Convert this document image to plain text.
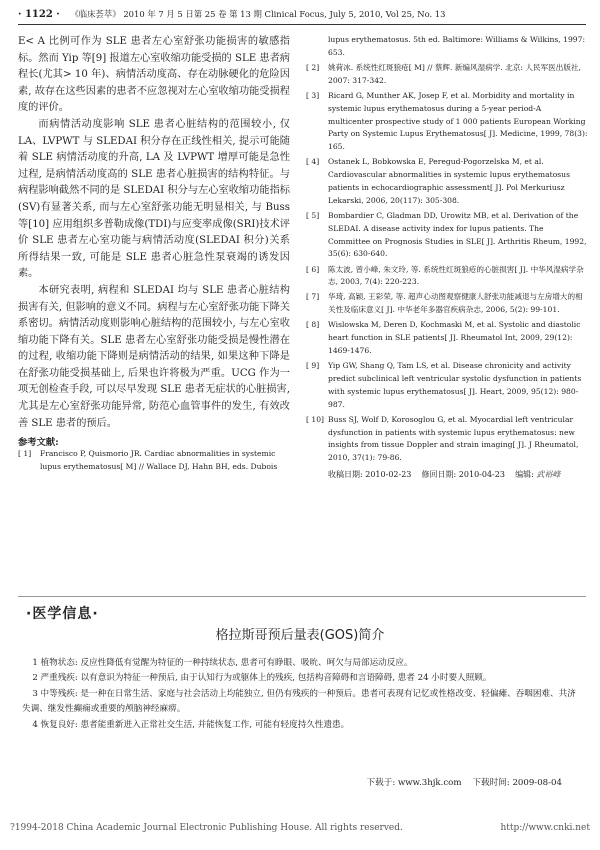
· 1122 · 《临床荟萃》 2010 年 7 月 5 日第 25 卷 第 13 期 Clinical Focus, July 5, 2010, Vol 25, No. 13

E< A 比例可作为 SLE 患者左心室舒张功能损害的敏感指标。然而 Yip 等[9] 报道左心室收缩功能受损的 SLE 患者病程长(尤其> 10 年)、病情活动度高、存在动脉硬化的危险因素, 故存在这些因素的患者不应忽视对左心室收缩功能受损程度的评价。

而病情活动度影响 SLE 患者心脏结构的范围较小, 仅 LA、LVPWT 与 SLEDAI 积分存在正线性相关, 提示可能随着 SLE 病情活动度的升高, LA 及 LVPWT 增厚可能是急性过程, 是病情活动度高的 SLE 患者心脏损害的结构特征。与病程影响截然不同的是 SLEDAI 积分与左心室收缩功能指标(SV)有显著关系, 而与左心室舒张功能无明显相关, 与 Buss 等[10] 应用组织多普勒成像(TDI)与应变率成像(SRI)技术评价 SLE 患者左心室功能与病情活动度(SLEDAI 积分)关系所得结果一致, 可能是 SLE 患者心脏急性泵衰竭的诱发因素。

本研究表明, 病程和 SLEDAI 均与 SLE 患者心脏结构损害有关, 但影响的意义不同。病程与左心室舒张功能下降关系密切。病情活动度则影响心脏结构的范围较小, 与左心室收缩功能下降有关。SLE 患者左心室舒张功能受损是慢性潜在的过程, 收缩功能下降则是病情活动的结果, 如果这种下降是在舒张功能受损基础上, 后果也许将极为严重。UCG 作为一项无创检查手段, 可以尽早发现 SLE 患者无症状的心脏损害, 尤其是左心室舒张功能异常, 防范心血管事件的发生, 有效改善 SLE 患者的预后。

参考文献:
[ 1]	Francisco P, Quismorio JR. Cardiac abnormalities in systemic lupus erythematosus[ M] // Wallace DJ, Hahn BH, eds. Dubois
lupus erythematosus. 5th ed. Baltimore: Williams & Wilkins, 1997: 653.
[ 2]	姚荷冰. 系统性红斑狼疮[ M] // 蔡辉. 新编风湿病学. 北京: 人民军医出版社, 2007: 317-342.
[ 3]	Ricard G, Munther AK, Josep F, et al. Morbidity and mortality in systemic lupus erythematosus during a 5-year period-A multicenter prospective study of 1 000 patients European Working Party on Systemic Lupus Erythematosus[ J]. Medicine, 1999, 78(3): 165.
[ 4]	Ostanek L, Bobkowska E, Peregud-Pogorzelska M, et al. Cardiovascular abnormalities in systemic lupus erythematosus patients in echocardiographic assessment[ J]. Pol Merkuriusz Lekarski, 2006, 20(117): 305-308.
[ 5]	Bombardier C, Gladman DD, Urowitz MB, et al. Derivation of the SLEDAI. A disease activity index for lupus patients. The Committee on Prognosis Studies in SLE[ J]. Arthritis Rheum, 1992, 35(6): 630-640.
[ 6]	陈太波, 曾小峰, 朱文玲, 等. 系统性红斑狼疮的心脏损害[ J]. 中华风湿病学杂志, 2003, 7(4): 220-223.
[ 7]	华琦, 高颖, 王彩荣, 等. 超声心动图观察健康人舒张功能减退与左房增大的相关性及临床意义[ J]. 中华老年多器官疾病杂志, 2006, 5(2): 99-101.
[ 8]	Wislowska M, Deren D, Kochmaski M, et al. Systolic and diastolic heart function in SLE patients[ J]. Rheumatol Int, 2009, 29(12): 1469-1476.
[ 9]	Yip GW, Shang Q, Tam LS, et al. Disease chronicity and activity predict subclinical left ventricular systolic dysfunction in patients with systemic lupus erythematosus[ J]. Heart, 2009, 95(12): 980-987.
[ 10] Buss SJ, Wolf D, Korosoglou G, et al. Myocardial left ventricular dysfunction in patients with systemic lupus erythematosus: new insights from tissue Doppler and strain imaging[ J]. J Rheumatol, 2010, 37(1): 79-86.
收稿日期: 2010-02-23 修回日期: 2010-04-23 编辑: 武裕峰
·医学信息·
格拉斯哥预后量表(GOS)简介

1 植物状态: 反应性降低有觉醒为特征的一种持续状态, 患者可有睁眼、吸吮、呵欠与局部运动反应。

2 严重残疾: 以有意识为特征一种预后, 由于认知行为或躯体上的残疾, 包括构音障碍和言语障碍, 患者 24 小时要人照顾。

3 中等残疾: 是一种在日常生活、家庭与社会活动上均能独立, 但仍有残疾的一种预后。患者可表现有记忆或性格改变、轻偏瘫、吞咽困难、共济失调、继发性癫痫或重要的颅脑神经麻痹。

4 恢复良好: 患者能重新进入正常社交生活, 并能恢复工作, 可能有轻度持久性遗患。

下载于: www.3hjk.com 下载时间: 2009-08-04
?1994-2018 China Academic Journal Electronic Publishing House. All rights reserved.	http://www.cnki.net
